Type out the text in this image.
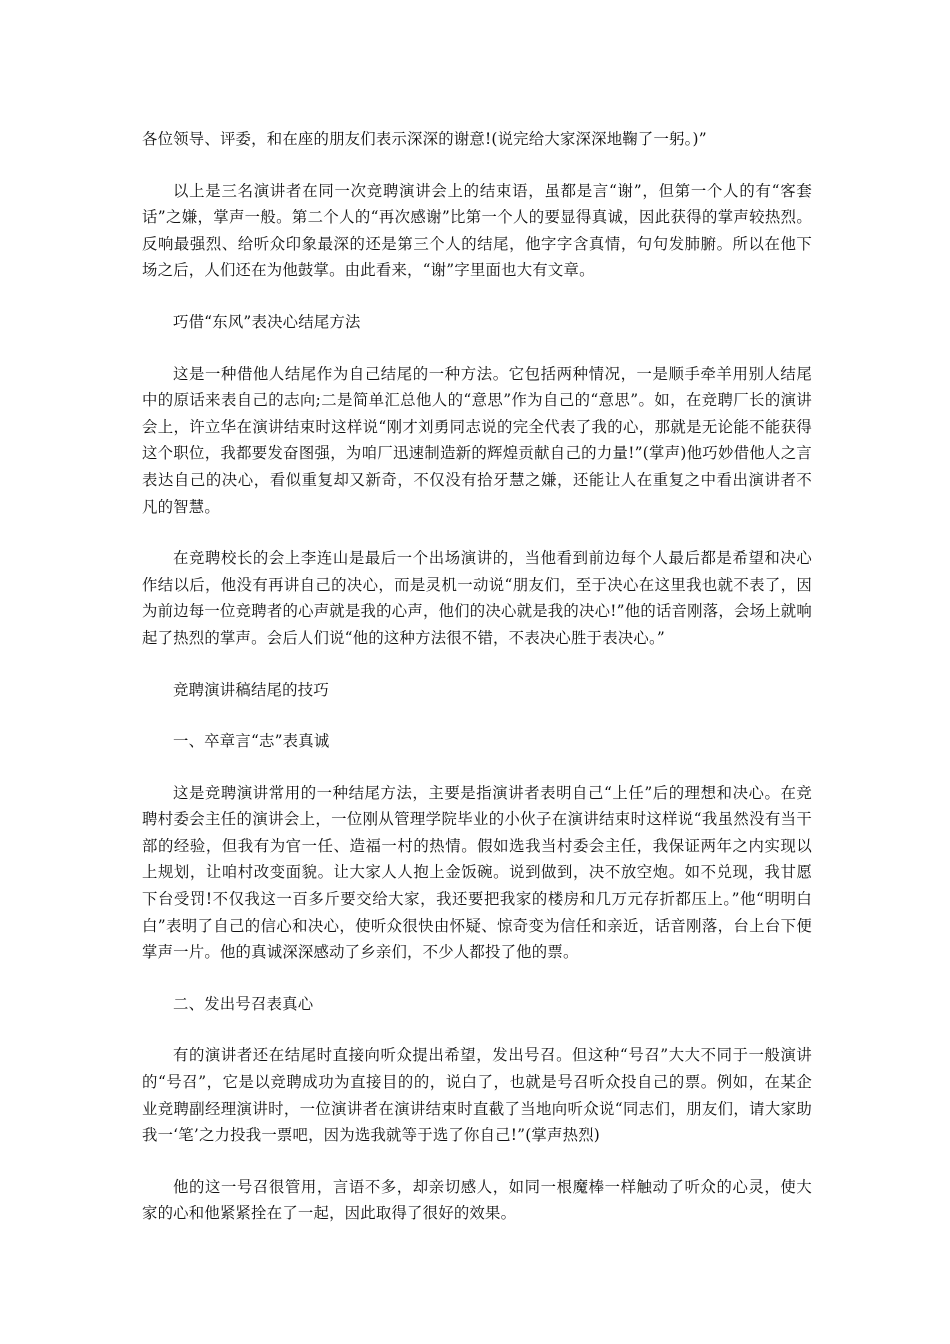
各位领导、评委，和在座的朋友们表示深深的谢意!(说完给大家深深地鞠了一躬。)”

以上是三名演讲者在同一次竞聘演讲会上的结束语，虽都是言“谢”，但第一个人的有“客套话”之嫌，掌声一般。第二个人的“再次感谢”比第一个人的要显得真诚，因此获得的掌声较热烈。反响最强烈、给听众印象最深的还是第三个人的结尾，他字字含真情，句句发肺腑。所以在他下场之后，人们还在为他鼓掌。由此看来，“谢”字里面也大有文章。

巧借“东风”表决心结尾方法

这是一种借他人结尾作为自己结尾的一种方法。它包括两种情况，一是顺手牵羊用别人结尾中的原话来表自己的志向;二是简单汇总他人的“意思”作为自己的“意思”。如，在竞聘厂长的演讲会上，许立华在演讲结束时这样说“刚才刘勇同志说的完全代表了我的心，那就是无论能不能获得这个职位，我都要发奋图强，为咱厂迅速制造新的辉煌贡献自己的力量!”(掌声)他巧妙借他人之言表达自己的决心，看似重复却又新奇，不仅没有拾牙慧之嫌，还能让人在重复之中看出演讲者不凡的智慧。

在竞聘校长的会上李连山是最后一个出场演讲的，当他看到前边每个人最后都是希望和决心作结以后，他没有再讲自己的决心，而是灵机一动说“朋友们，至于决心在这里我也就不表了，因为前边每一位竞聘者的心声就是我的心声，他们的决心就是我的决心!”他的话音刚落，会场上就响起了热烈的掌声。会后人们说“他的这种方法很不错，不表决心胜于表决心。”

竞聘演讲稿结尾的技巧

一、卒章言“志”表真诚

这是竞聘演讲常用的一种结尾方法，主要是指演讲者表明自己“上任”后的理想和决心。在竞聘村委会主任的演讲会上，一位刚从管理学院毕业的小伙子在演讲结束时这样说“我虽然没有当干部的经验，但我有为官一任、造福一村的热情。假如选我当村委会主任，我保证两年之内实现以上规划，让咱村改变面貌。让大家人人抱上金饭碗。说到做到，决不放空炮。如不兑现，我甘愿下台受罚!不仅我这一百多斤要交给大家，我还要把我家的楼房和几万元存折都压上。”他“明明白白”表明了自己的信心和决心，使听众很快由怀疑、惊奇变为信任和亲近，话音刚落，台上台下便掌声一片。他的真诚深深感动了乡亲们，不少人都投了他的票。

二、发出号召表真心

有的演讲者还在结尾时直接向听众提出希望，发出号召。但这种“号召”大大不同于一般演讲的“号召”，它是以竞聘成功为直接目的的，说白了，也就是号召听众投自己的票。例如，在某企业竞聘副经理演讲时，一位演讲者在演讲结束时直截了当地向听众说“同志们，朋友们，请大家助我一‘笔’之力投我一票吧，因为选我就等于选了你自己!”(掌声热烈)

他的这一号召很管用，言语不多，却亲切感人，如同一根魔棒一样触动了听众的心灵，使大家的心和他紧紧拴在了一起，因此取得了很好的效果。
